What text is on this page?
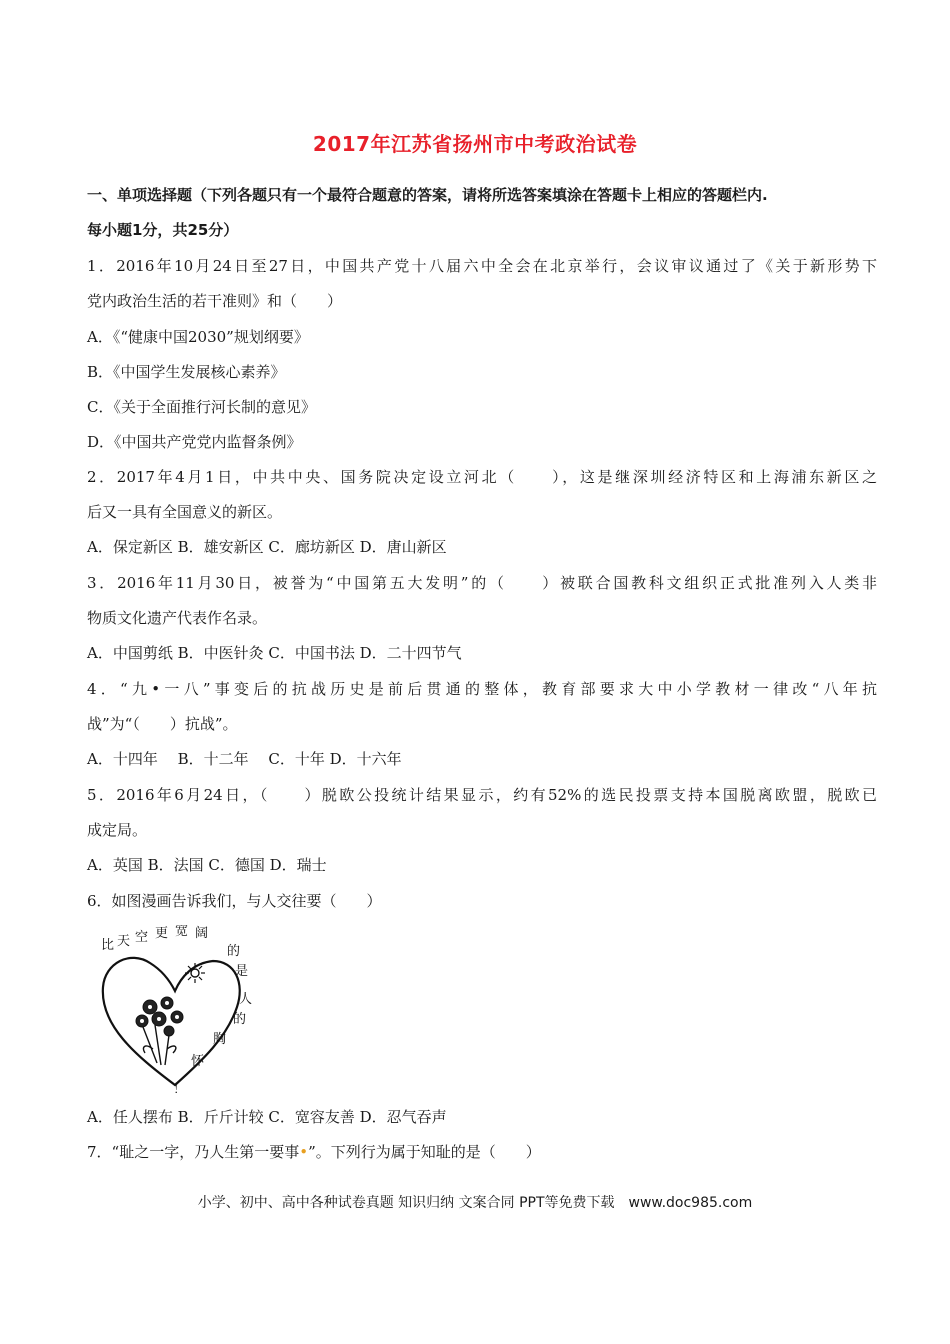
2017年江苏省扬州市中考政治试卷
一、单项选择题（下列各题只有一个最符合题意的答案，请将所选答案填涂在答题卡上相应的答题栏内.
每小题1分，共25分）
1．2016年10月24日至27日，中国共产党十八届六中全会在北京举行，会议审议通过了《关于新形势下
党内政治生活的若干准则》和（　　）
A．《“健康中国2030”规划纲要》
B．《中国学生发展核心素养》
C．《关于全面推行河长制的意见》
D．《中国共产党党内监督条例》
2．2017年4月1日，中共中央、国务院决定设立河北（　　），这是继深圳经济特区和上海浦东新区之
后又一具有全国意义的新区。
A．保定新区 B．雄安新区 C．廊坊新区 D．唐山新区
3．2016年11月30日，被誉为“中国第五大发明”的（　　）被联合国教科文组织正式批准列入人类非
物质文化遗产代表作名录。
A．中国剪纸 B．中医针灸 C．中国书法 D．二十四节气
4．“九•一八”事变后的抗战历史是前后贯通的整体，教育部要求大中小学教材一律改“八年抗
战”为“（　　）抗战”。
A．十四年　 B．十二年　 C．十年 D．十六年
5．2016年6月24日，（　　）脱欧公投统计结果显示，约有52%的选民投票支持本国脱离欧盟，脱欧已
成定局。
A．英国 B．法国 C．德国 D．瑞士
6．如图漫画告诉我们，与人交往要（　　）
比 天 空 更 宽 阔
的
是
人
的
胸
怀
！
A．任人摆布 B．斤斤计较 C．宽容友善 D．忍气吞声
7．“耻之一字，乃人生第一要事•”。下列行为属于知耻的是（　　）
小学、初中、高中各种试卷真题 知识归纳 文案合同 PPT等免费下载　www.doc985.com
